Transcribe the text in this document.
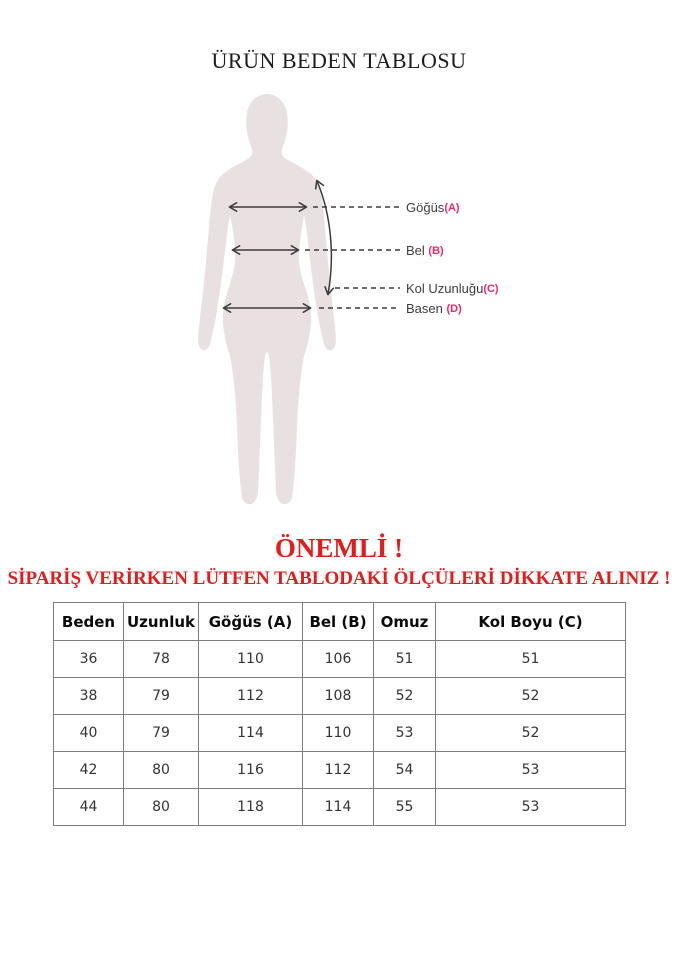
ÜRÜN BEDEN TABLOSU
Göğüs(A)
Bel (B)
Kol Uzunluğu(C)
Basen (D)
ÖNEMLİ !
SİPARİŞ VERİRKEN LÜTFEN TABLODAKİ ÖLÇÜLERİ DİKKATE ALINIZ !
Beden	Uzunluk	Göğüs (A)	Bel (B)	Omuz	Kol Boyu (C)
36	78	110	106	51	51
38	79	112	108	52	52
40	79	114	110	53	52
42	80	116	112	54	53
44	80	118	114	55	53
